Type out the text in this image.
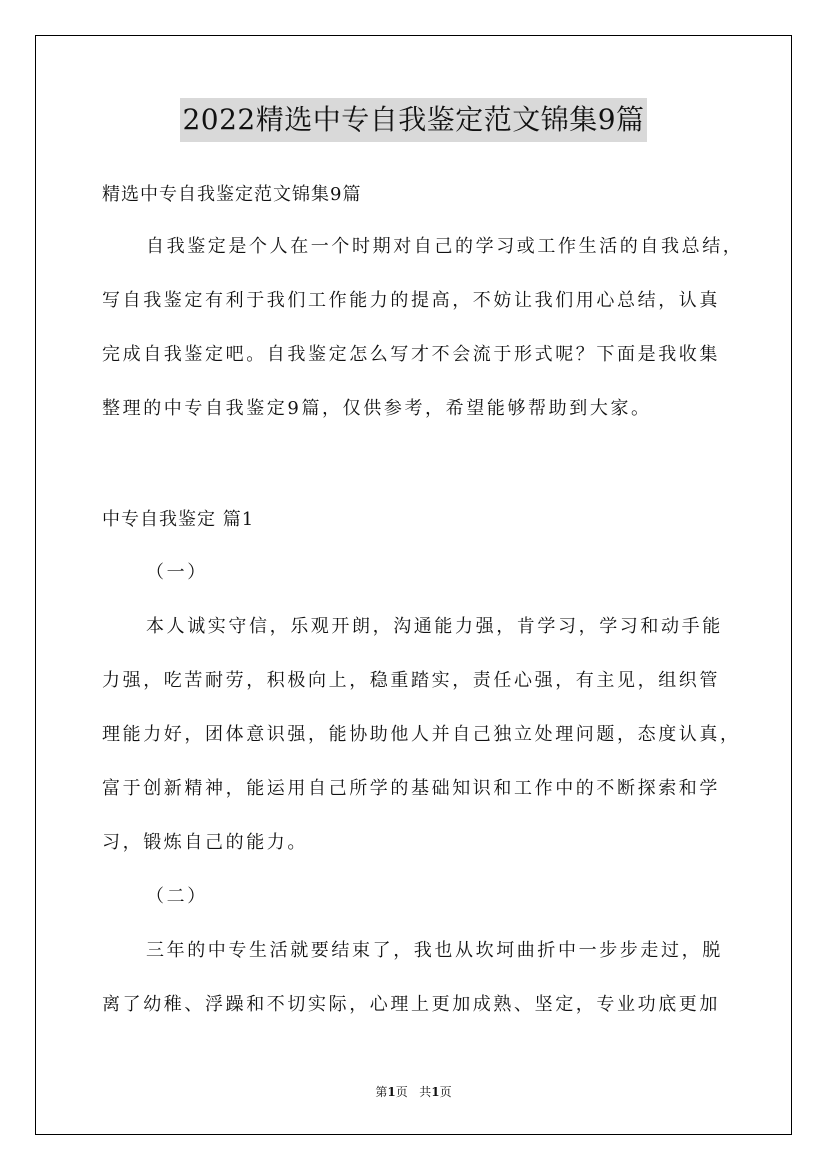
2022精选中专自我鉴定范文锦集9篇

精选中专自我鉴定范文锦集9篇

自我鉴定是个人在一个时期对自己的学习或工作生活的自我总结，

写自我鉴定有利于我们工作能力的提高，不妨让我们用心总结，认真

完成自我鉴定吧。自我鉴定怎么写才不会流于形式呢？下面是我收集

整理的中专自我鉴定9篇，仅供参考，希望能够帮助到大家。

中专自我鉴定 篇1

（一）

本人诚实守信，乐观开朗，沟通能力强，肯学习，学习和动手能

力强，吃苦耐劳，积极向上，稳重踏实，责任心强，有主见，组织管

理能力好，团体意识强，能协助他人并自己独立处理问题，态度认真，

富于创新精神，能运用自己所学的基础知识和工作中的不断探索和学

习，锻炼自己的能力。

（二）

三年的中专生活就要结束了，我也从坎坷曲折中一步步走过，脱

离了幼稚、浮躁和不切实际，心理上更加成熟、坚定，专业功底更加

第1页 共1页
